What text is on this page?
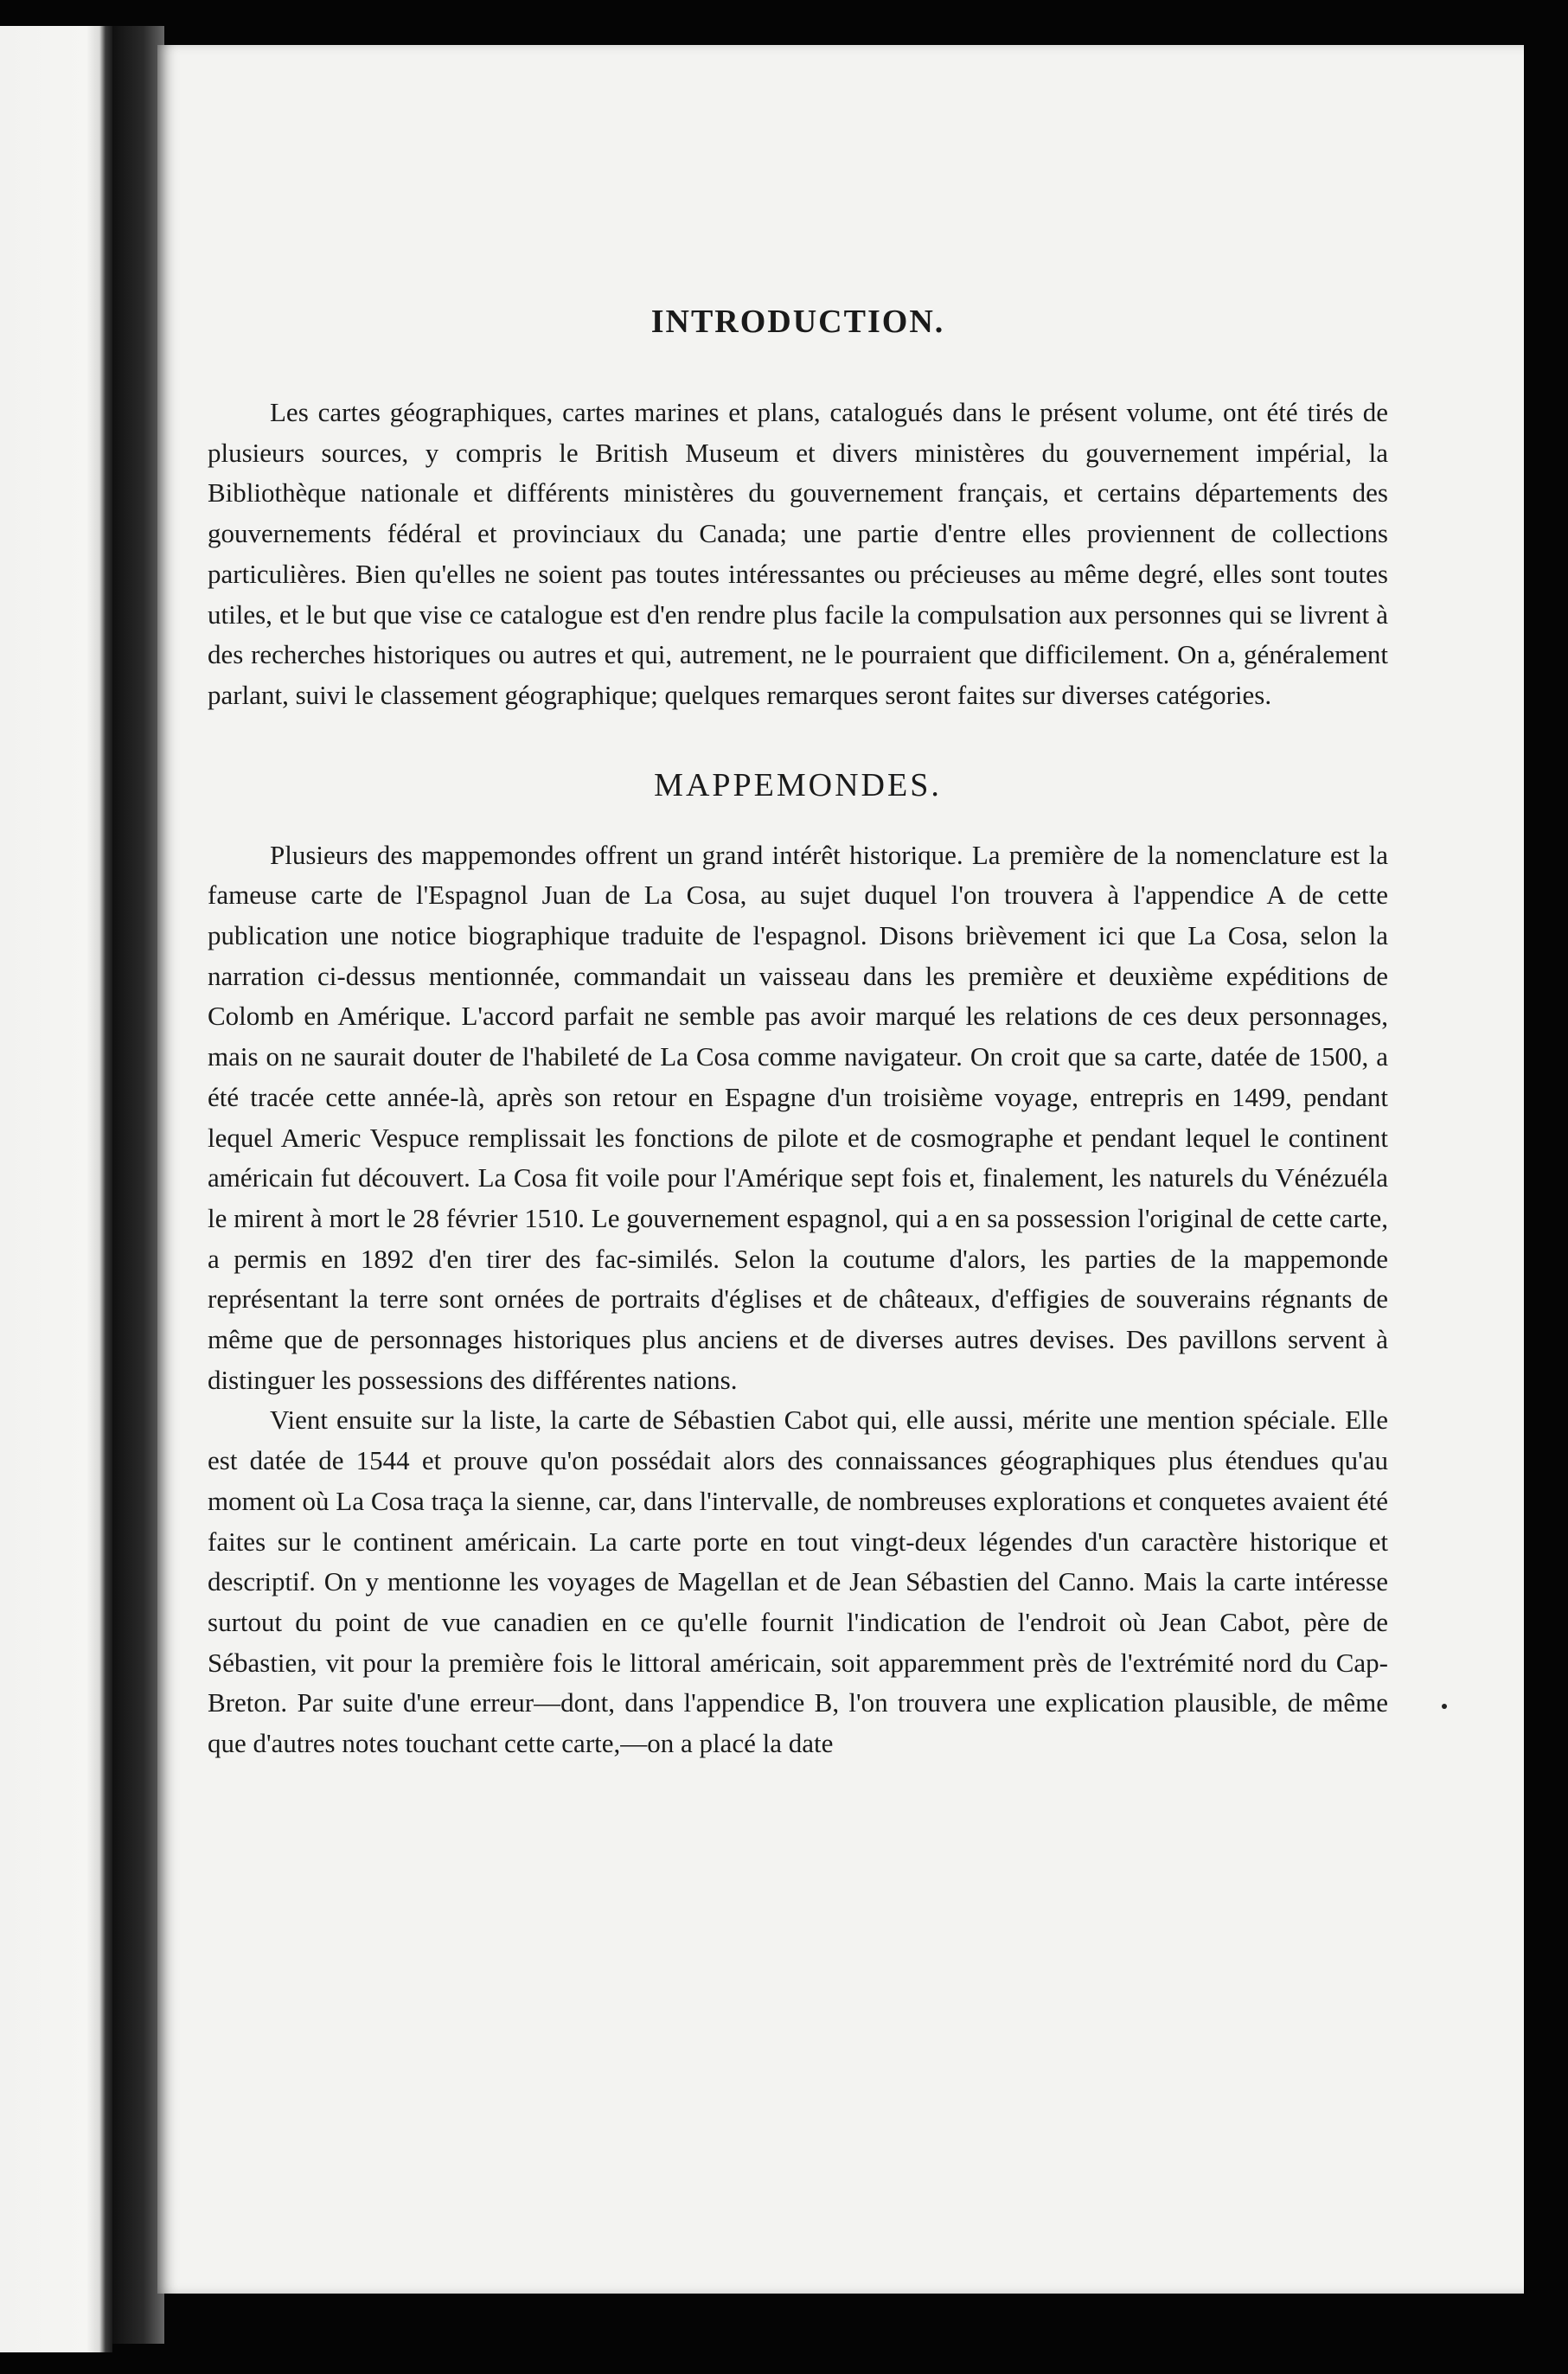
INTRODUCTION.

Les cartes géographiques, cartes marines et plans, catalogués dans le présent volume, ont été tirés de plusieurs sources, y compris le British Museum et divers ministères du gouvernement impérial, la Bibliothèque nationale et différents ministères du gouvernement français, et certains départements des gouvernements fédéral et provinciaux du Canada; une partie d'entre elles proviennent de collections particulières. Bien qu'elles ne soient pas toutes intéressantes ou précieuses au même degré, elles sont toutes utiles, et le but que vise ce catalogue est d'en rendre plus facile la compulsation aux personnes qui se livrent à des recherches historiques ou autres et qui, autrement, ne le pourraient que difficilement. On a, généralement parlant, suivi le classement géographique; quelques remarques seront faites sur diverses catégories.

MAPPEMONDES.

Plusieurs des mappemondes offrent un grand intérêt historique. La première de la nomenclature est la fameuse carte de l'Espagnol Juan de La Cosa, au sujet duquel l'on trouvera à l'appendice A de cette publication une notice biographique traduite de l'espagnol. Disons brièvement ici que La Cosa, selon la narration ci-dessus mentionnée, commandait un vaisseau dans les première et deuxième expéditions de Colomb en Amérique. L'accord parfait ne semble pas avoir marqué les relations de ces deux personnages, mais on ne saurait douter de l'habileté de La Cosa comme navigateur. On croit que sa carte, datée de 1500, a été tracée cette année-là, après son retour en Espagne d'un troisième voyage, entrepris en 1499, pendant lequel Americ Vespuce remplissait les fonctions de pilote et de cosmographe et pendant lequel le continent américain fut découvert. La Cosa fit voile pour l'Amérique sept fois et, finalement, les naturels du Vénézuéla le mirent à mort le 28 février 1510. Le gouvernement espagnol, qui a en sa possession l'original de cette carte, a permis en 1892 d'en tirer des fac-similés. Selon la coutume d'alors, les parties de la mappemonde représentant la terre sont ornées de portraits d'églises et de châteaux, d'effigies de souverains régnants de même que de personnages historiques plus anciens et de diverses autres devises. Des pavillons servent à distinguer les possessions des différentes nations.

Vient ensuite sur la liste, la carte de Sébastien Cabot qui, elle aussi, mérite une mention spéciale. Elle est datée de 1544 et prouve qu'on possédait alors des connaissances géographiques plus étendues qu'au moment où La Cosa traça la sienne, car, dans l'intervalle, de nombreuses explorations et conquetes avaient été faites sur le continent américain. La carte porte en tout vingt-deux légendes d'un caractère historique et descriptif. On y mentionne les voyages de Magellan et de Jean Sébastien del Canno. Mais la carte intéresse surtout du point de vue canadien en ce qu'elle fournit l'indication de l'endroit où Jean Cabot, père de Sébastien, vit pour la première fois le littoral américain, soit apparemment près de l'extrémité nord du Cap-Breton. Par suite d'une erreur—dont, dans l'appendice B, l'on trouvera une explication plausible, de même que d'autres notes touchant cette carte,—on a placé la date
